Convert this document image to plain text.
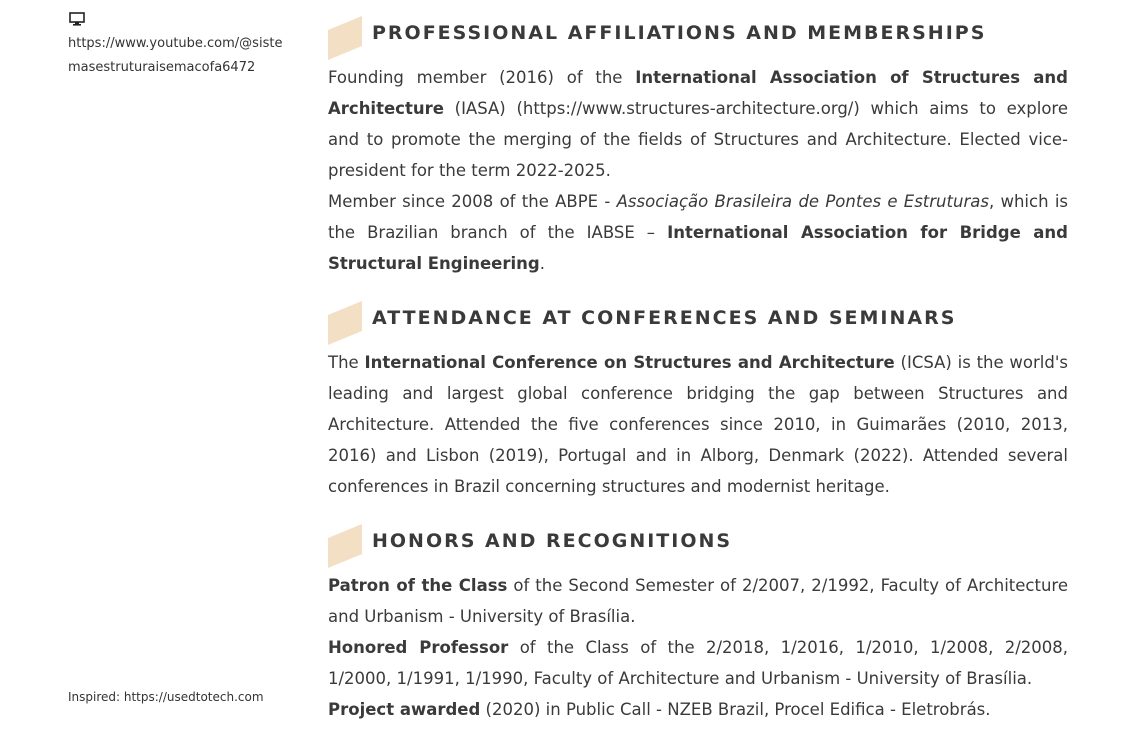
https://www.youtube.com/@sistemasestruturaisemacofa6472
Inspired: https://usedtotech.com
PROFESSIONAL AFFILIATIONS AND MEMBERSHIPS

Founding member (2016) of the International Association of Structures and Architecture (IASA) (https://www.structures-architecture.org/) which aims to explore and to promote the merging of the fields of Structures and Architecture. Elected vice-president for the term 2022-2025.

Member since 2008 of the ABPE - Associação Brasileira de Pontes e Estruturas, which is the Brazilian branch of the IABSE – International Association for Bridge and Structural Engineering.

ATTENDANCE AT CONFERENCES AND SEMINARS

The International Conference on Structures and Architecture (ICSA) is the world's leading and largest global conference bridging the gap between Structures and Architecture. Attended the five conferences since 2010, in Guimarães (2010, 2013, 2016) and Lisbon (2019), Portugal and in Alborg, Denmark (2022). Attended several conferences in Brazil concerning structures and modernist heritage.

HONORS AND RECOGNITIONS

Patron of the Class of the Second Semester of 2/2007, 2/1992, Faculty of Architecture and Urbanism - University of Brasília.

Honored Professor of the Class of the 2/2018, 1/2016, 1/2010, 1/2008, 2/2008, 1/2000, 1/1991, 1/1990, Faculty of Architecture and Urbanism - University of Brasília.

Project awarded (2020) in Public Call - NZEB Brazil, Procel Edifica - Eletrobrás.
